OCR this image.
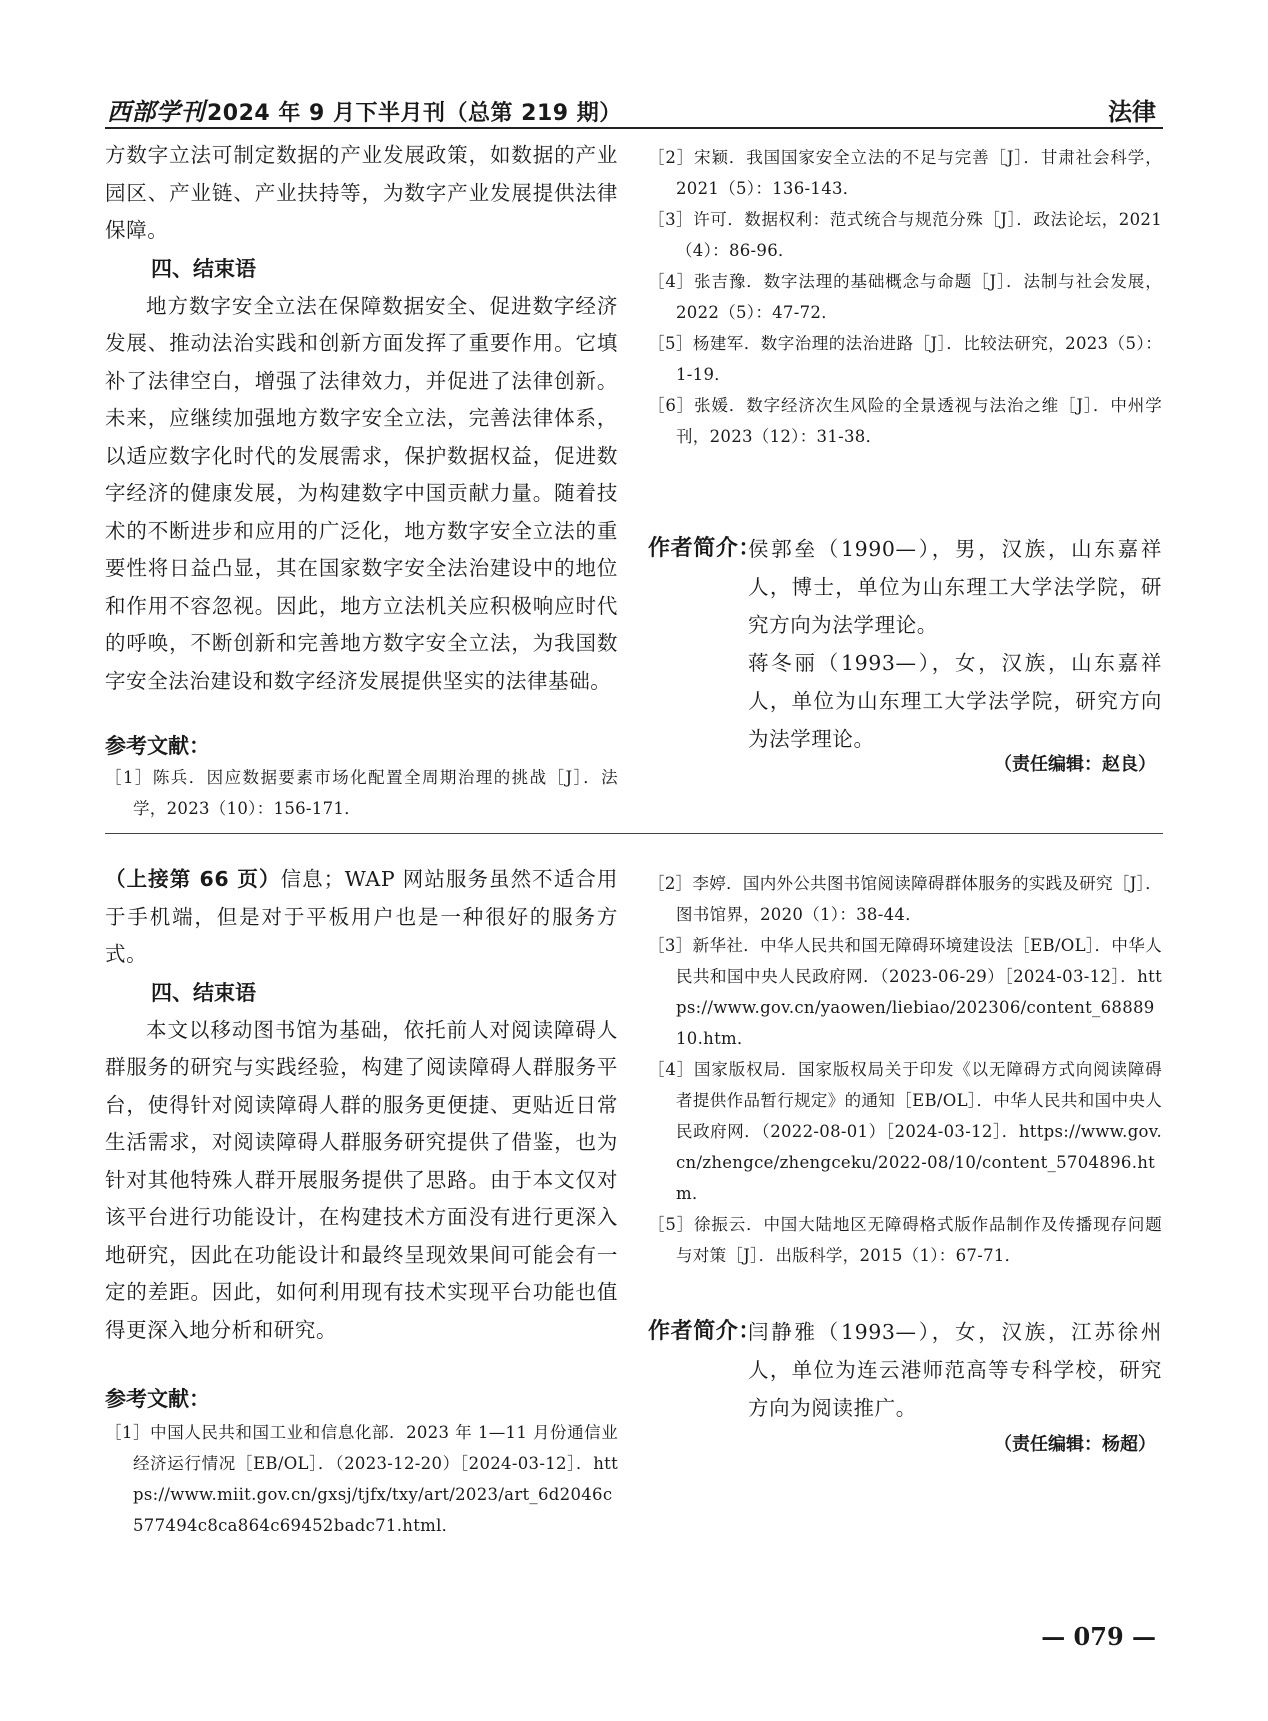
西部学刊2024 年 9 月下半月刊（总第 219 期）	法律

方数字立法可制定数据的产业发展政策，如数据的产业园区、产业链、产业扶持等，为数字产业发展提供法律保障。

四、结束语

地方数字安全立法在保障数据安全、促进数字经济发展、推动法治实践和创新方面发挥了重要作用。它填补了法律空白，增强了法律效力，并促进了法律创新。未来，应继续加强地方数字安全立法，完善法律体系，以适应数字化时代的发展需求，保护数据权益，促进数字经济的健康发展，为构建数字中国贡献力量。随着技术的不断进步和应用的广泛化，地方数字安全立法的重要性将日益凸显，其在国家数字安全法治建设中的地位和作用不容忽视。因此，地方立法机关应积极响应时代的呼唤，不断创新和完善地方数字安全立法，为我国数字安全法治建设和数字经济发展提供坚实的法律基础。

参考文献：
［1］陈兵．因应数据要素市场化配置全周期治理的挑战［J］．法学，2023（10）：156-171．
［2］宋颖．我国国家安全立法的不足与完善［J］．甘肃社会科学，2021（5）：136-143．
［3］许可．数据权利：范式统合与规范分殊［J］．政法论坛，2021（4）：86-96．
［4］张吉豫．数字法理的基础概念与命题［J］．法制与社会发展，2022（5）：47-72．
［5］杨建军．数字治理的法治进路［J］．比较法研究，2023（5）：1-19．
［6］张媛．数字经济次生风险的全景透视与法治之维［J］．中州学刊，2023（12）：31-38．
作者简介：

侯郭垒（1990—），男，汉族，山东嘉祥人，博士，单位为山东理工大学法学院，研究方向为法学理论。

蒋冬丽（1993—），女，汉族，山东嘉祥人，单位为山东理工大学法学院，研究方向为法学理论。

（责任编辑：赵良）

（上接第 66 页）信息；WAP 网站服务虽然不适合用于手机端，但是对于平板用户也是一种很好的服务方式。

四、结束语

本文以移动图书馆为基础，依托前人对阅读障碍人群服务的研究与实践经验，构建了阅读障碍人群服务平台，使得针对阅读障碍人群的服务更便捷、更贴近日常生活需求，对阅读障碍人群服务研究提供了借鉴，也为针对其他特殊人群开展服务提供了思路。由于本文仅对该平台进行功能设计，在构建技术方面没有进行更深入地研究，因此在功能设计和最终呈现效果间可能会有一定的差距。因此，如何利用现有技术实现平台功能也值得更深入地分析和研究。

参考文献：
［1］中国人民共和国工业和信息化部．2023 年 1—11 月份通信业经济运行情况［EB/OL］．（2023-12-20）［2024-03-12］．https://www.miit.gov.cn/gxsj/tjfx/txy/art/2023/art_6d2046c577494c8ca864c69452badc71.html．
［2］李婷．国内外公共图书馆阅读障碍群体服务的实践及研究［J］．图书馆界，2020（1）：38-44．
［3］新华社．中华人民共和国无障碍环境建设法［EB/OL］．中华人民共和国中央人民政府网．（2023-06-29）［2024-03-12］．https://www.gov.cn/yaowen/liebiao/202306/content_6888910.htm．
［4］国家版权局．国家版权局关于印发《以无障碍方式向阅读障碍者提供作品暂行规定》的通知［EB/OL］．中华人民共和国中央人民政府网．（2022-08-01）［2024-03-12］．https://www.gov.cn/zhengce/zhengceku/2022-08/10/content_5704896.htm．
［5］徐振云．中国大陆地区无障碍格式版作品制作及传播现存问题与对策［J］．出版科学，2015（1）：67-71．
作者简介：

闫静雅（1993—），女，汉族，江苏徐州人，单位为连云港师范高等专科学校，研究方向为阅读推广。

（责任编辑：杨超）
— 079 —
